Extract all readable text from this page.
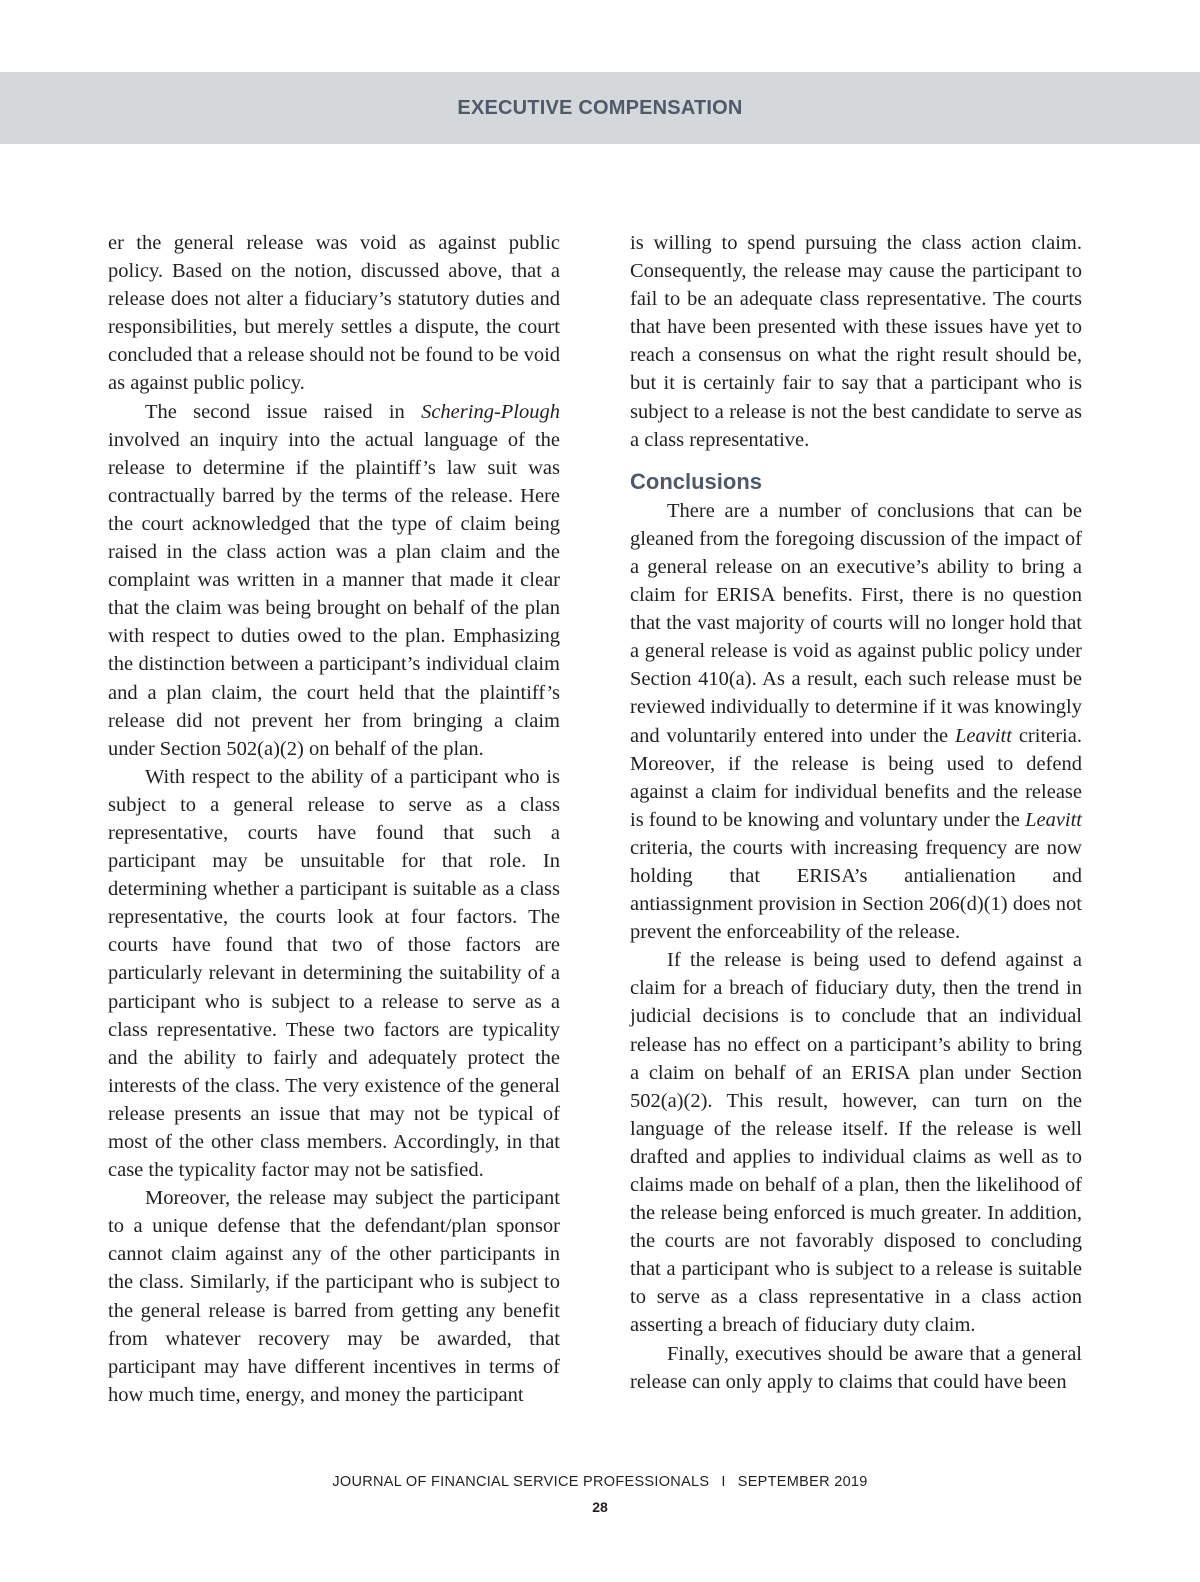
EXECUTIVE COMPENSATION

er the general release was void as against public policy. Based on the notion, discussed above, that a release does not alter a fiduciary’s statutory duties and responsibilities, but merely settles a dispute, the court concluded that a release should not be found to be void as against public policy.

The second issue raised in Schering-Plough involved an inquiry into the actual language of the release to determine if the plaintiff’s law suit was contractually barred by the terms of the release. Here the court acknowledged that the type of claim being raised in the class action was a plan claim and the complaint was written in a manner that made it clear that the claim was being brought on behalf of the plan with respect to duties owed to the plan. Emphasizing the distinction between a participant’s individual claim and a plan claim, the court held that the plaintiff’s release did not prevent her from bringing a claim under Section 502(a)(2) on behalf of the plan.

With respect to the ability of a participant who is subject to a general release to serve as a class representative, courts have found that such a participant may be unsuitable for that role. In determining whether a participant is suitable as a class representative, the courts look at four factors. The courts have found that two of those factors are particularly relevant in determining the suitability of a participant who is subject to a release to serve as a class representative. These two factors are typicality and the ability to fairly and adequately protect the interests of the class. The very existence of the general release presents an issue that may not be typical of most of the other class members. Accordingly, in that case the typicality factor may not be satisfied.

Moreover, the release may subject the participant to a unique defense that the defendant/plan sponsor cannot claim against any of the other participants in the class. Similarly, if the participant who is subject to the general release is barred from getting any benefit from whatever recovery may be awarded, that participant may have different incentives in terms of how much time, energy, and money the participant

is willing to spend pursuing the class action claim. Consequently, the release may cause the participant to fail to be an adequate class representative. The courts that have been presented with these issues have yet to reach a consensus on what the right result should be, but it is certainly fair to say that a participant who is subject to a release is not the best candidate to serve as a class representative.

Conclusions

There are a number of conclusions that can be gleaned from the foregoing discussion of the impact of a general release on an executive’s ability to bring a claim for ERISA benefits. First, there is no question that the vast majority of courts will no longer hold that a general release is void as against public policy under Section 410(a). As a result, each such release must be reviewed individually to determine if it was knowingly and voluntarily entered into under the Leavitt criteria. Moreover, if the release is being used to defend against a claim for individual benefits and the release is found to be knowing and voluntary under the Leavitt criteria, the courts with increasing frequency are now holding that ERISA’s antialienation and antiassignment provision in Section 206(d)(1) does not prevent the enforceability of the release.

If the release is being used to defend against a claim for a breach of fiduciary duty, then the trend in judicial decisions is to conclude that an individual release has no effect on a participant’s ability to bring a claim on behalf of an ERISA plan under Section 502(a)(2). This result, however, can turn on the language of the release itself. If the release is well drafted and applies to individual claims as well as to claims made on behalf of a plan, then the likelihood of the release being enforced is much greater. In addition, the courts are not favorably disposed to concluding that a participant who is subject to a release is suitable to serve as a class representative in a class action asserting a breach of fiduciary duty claim.

Finally, executives should be aware that a general release can only apply to claims that could have been

JOURNAL OF FINANCIAL SERVICE PROFESSIONALS I SEPTEMBER 2019
28
